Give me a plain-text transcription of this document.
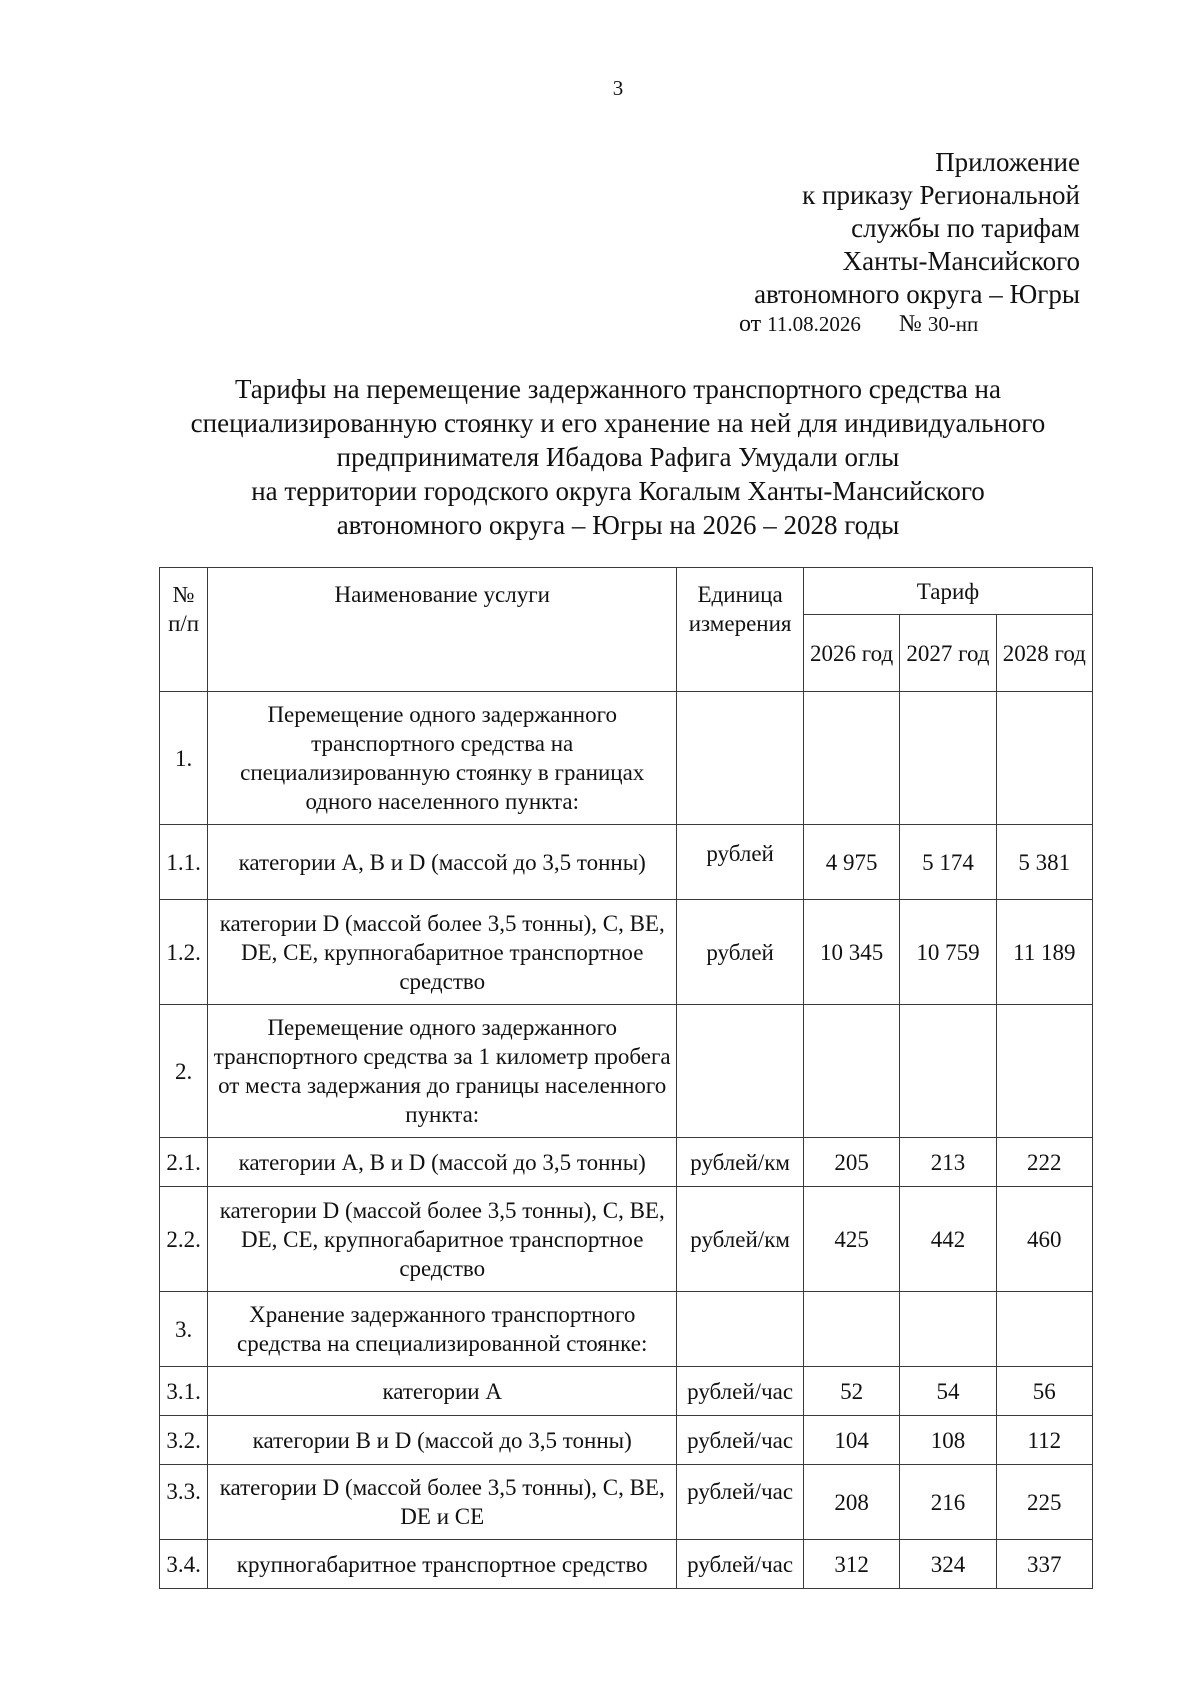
3
Приложение
к приказу Региональной
службы по тарифам
Ханты-Мансийского
автономного округа – Югры
от 11.08.2026 № 30-нп
Тарифы на перемещение задержанного транспортного средства на
специализированную стоянку и его хранение на ней для индивидуального
предпринимателя Ибадова Рафига Умудали оглы
на территории городского округа Когалым Ханты-Мансийского
автономного округа – Югры на 2026 – 2028 годы
№ п/п	Наименование услуги	Единица измерения	Тариф		
			2026 год	2027 год	2028 год
1.	Перемещение одного задержанного транспортного средства на специализированную стоянку в границах одного населенного пункта:				
1.1.	категории A, B и D (массой до 3,5 тонны)	рублей	4 975	5 174	5 381
1.2.	категории D (массой более 3,5 тонны), C, BE, DE, CE, крупногабаритное транспортное средство	рублей	10 345	10 759	11 189
2.	Перемещение одного задержанного транспортного средства за 1 километр пробега от места задержания до границы населенного пункта:				
2.1.	категории A, B и D (массой до 3,5 тонны)	рублей/км	205	213	222
2.2.	категории D (массой более 3,5 тонны), C, BE, DE, CE, крупногабаритное транспортное средство	рублей/км	425	442	460
3.	Хранение задержанного транспортного средства на специализированной стоянке:				
3.1.	категории A	рублей/час	52	54	56
3.2.	категории B и D (массой до 3,5 тонны)	рублей/час	104	108	112
3.3.	категории D (массой более 3,5 тонны), C, BE, DE и CE	рублей/час	208	216	225
3.4.	крупногабаритное транспортное средство	рублей/час	312	324	337
